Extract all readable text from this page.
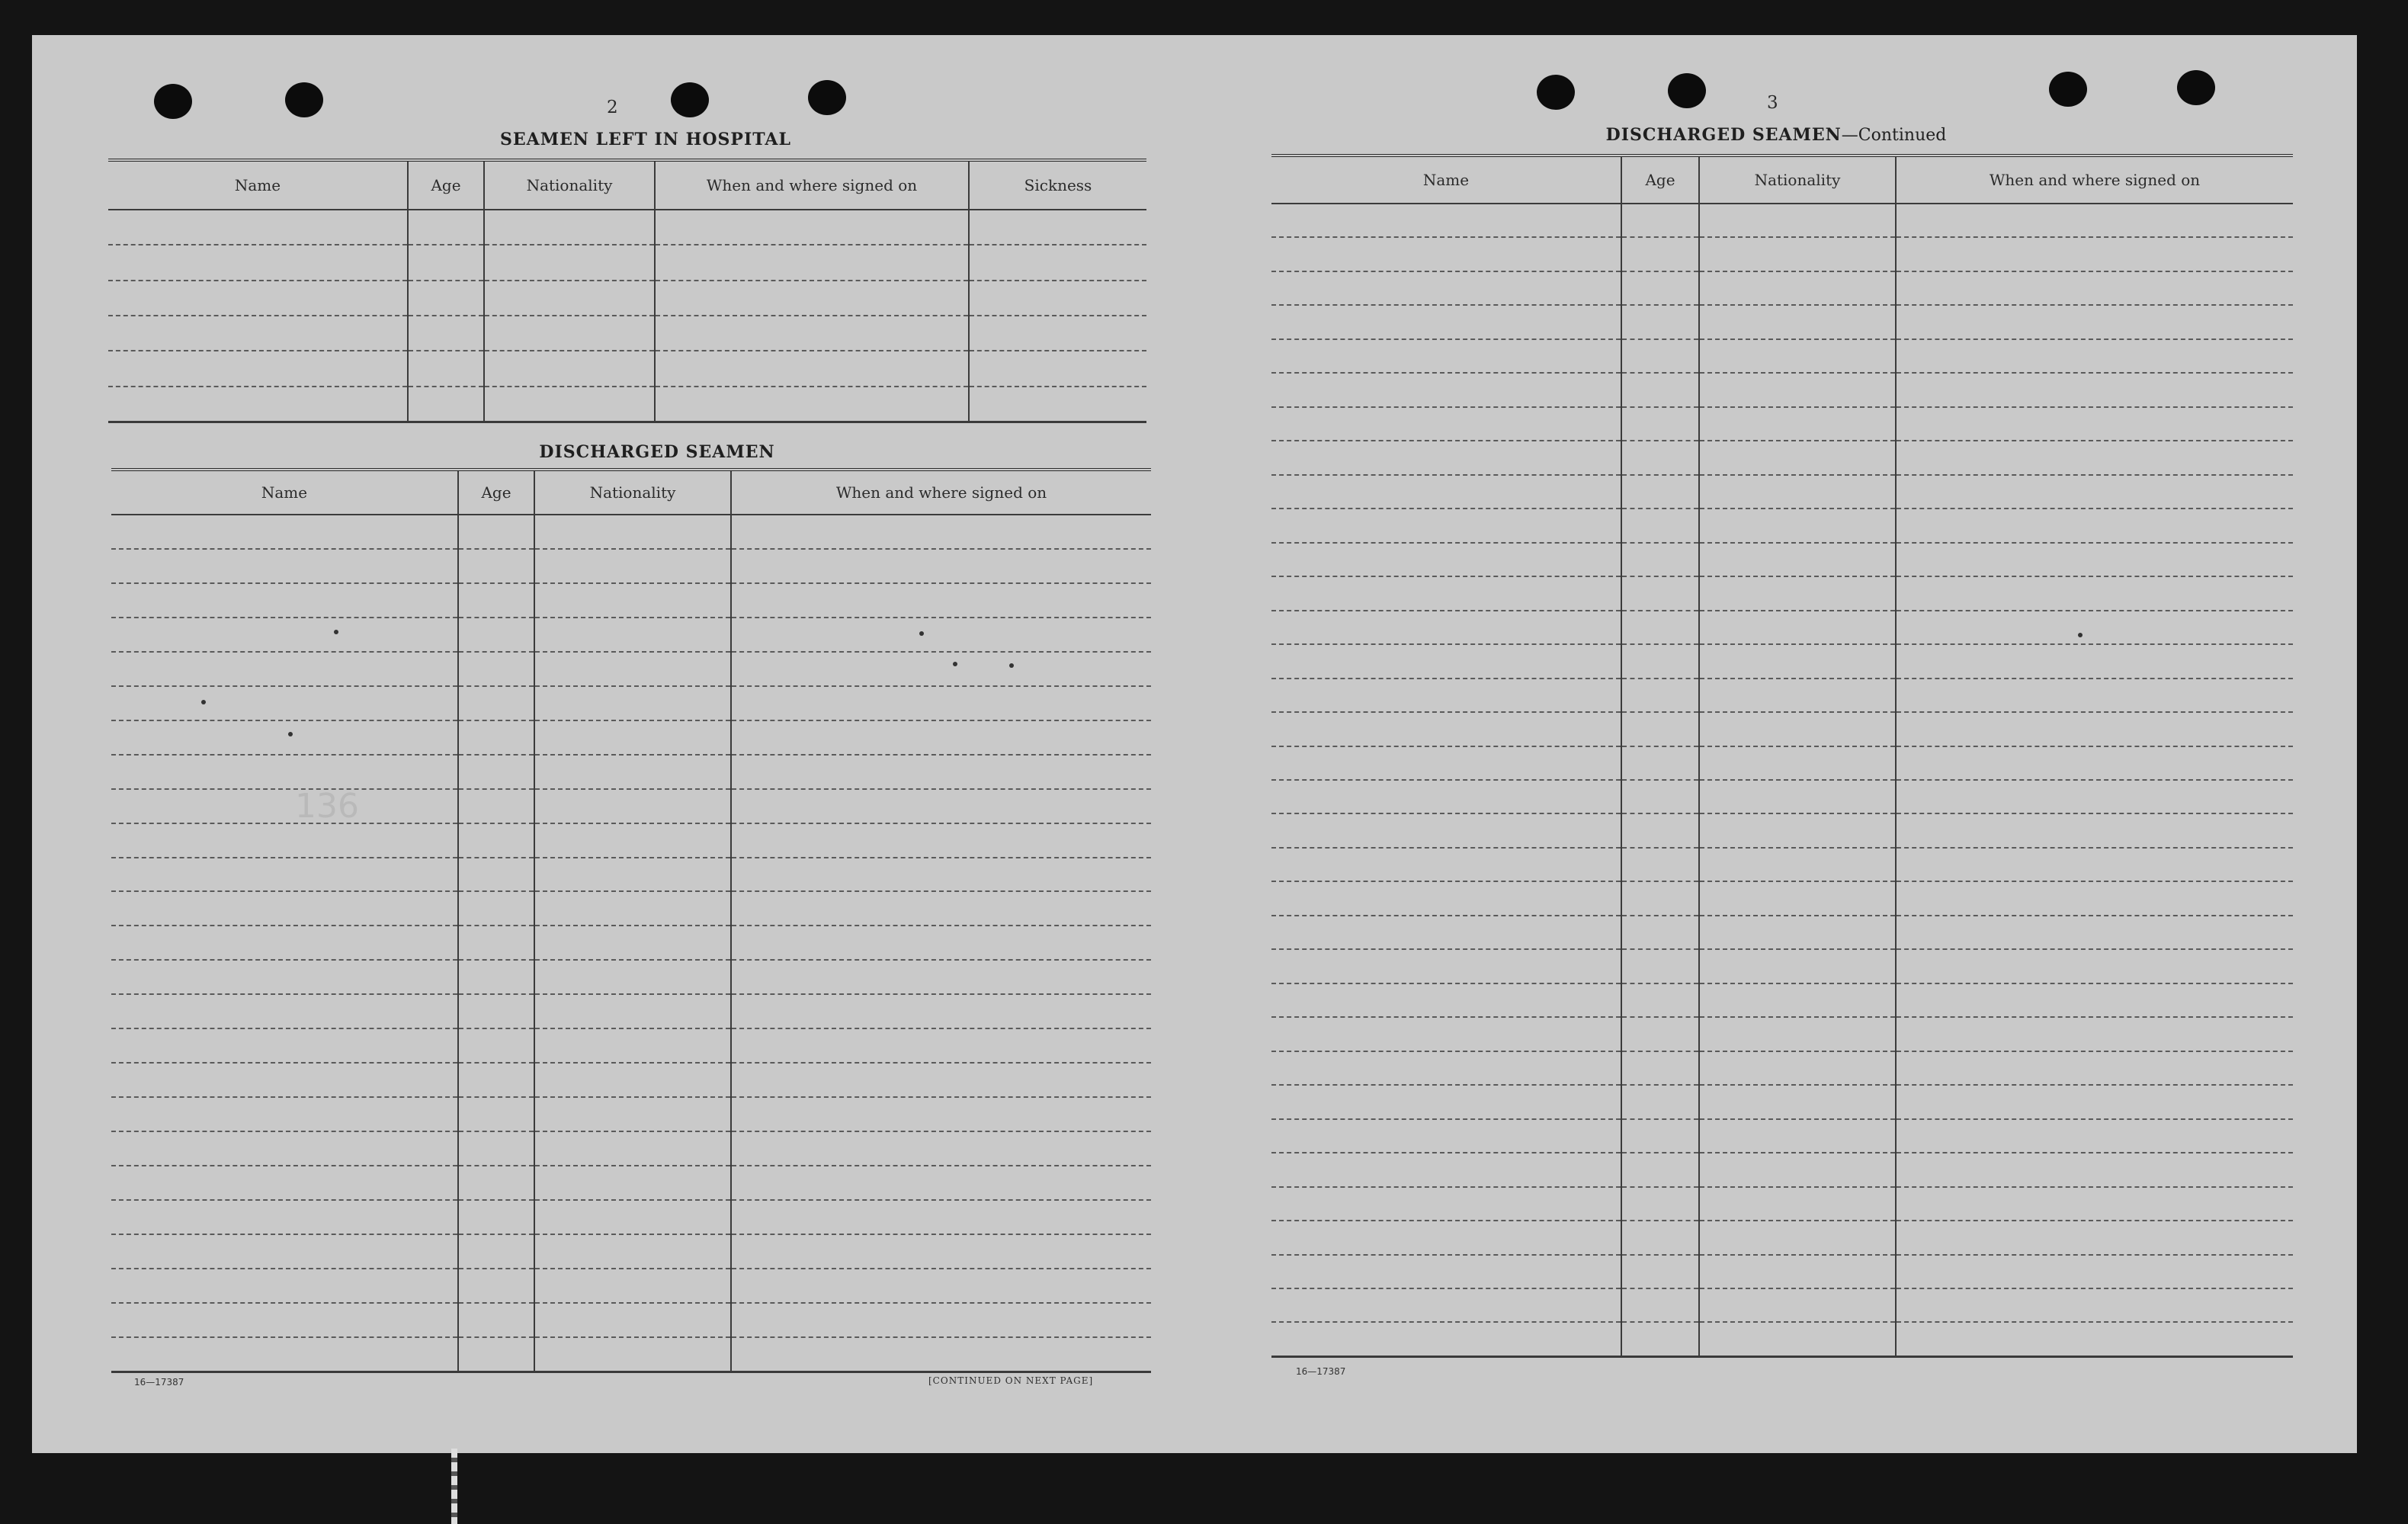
2
SEAMEN LEFT IN HOSPITAL
Name	Age	Nationality	When and where signed on	Sickness
DISCHARGED SEAMEN
Name	Age	Nationality	When and where signed on
136
16—17387	[CONTINUED ON NEXT PAGE]
3
DISCHARGED SEAMEN—Continued
Name	Age	Nationality	When and where signed on
16—17387
